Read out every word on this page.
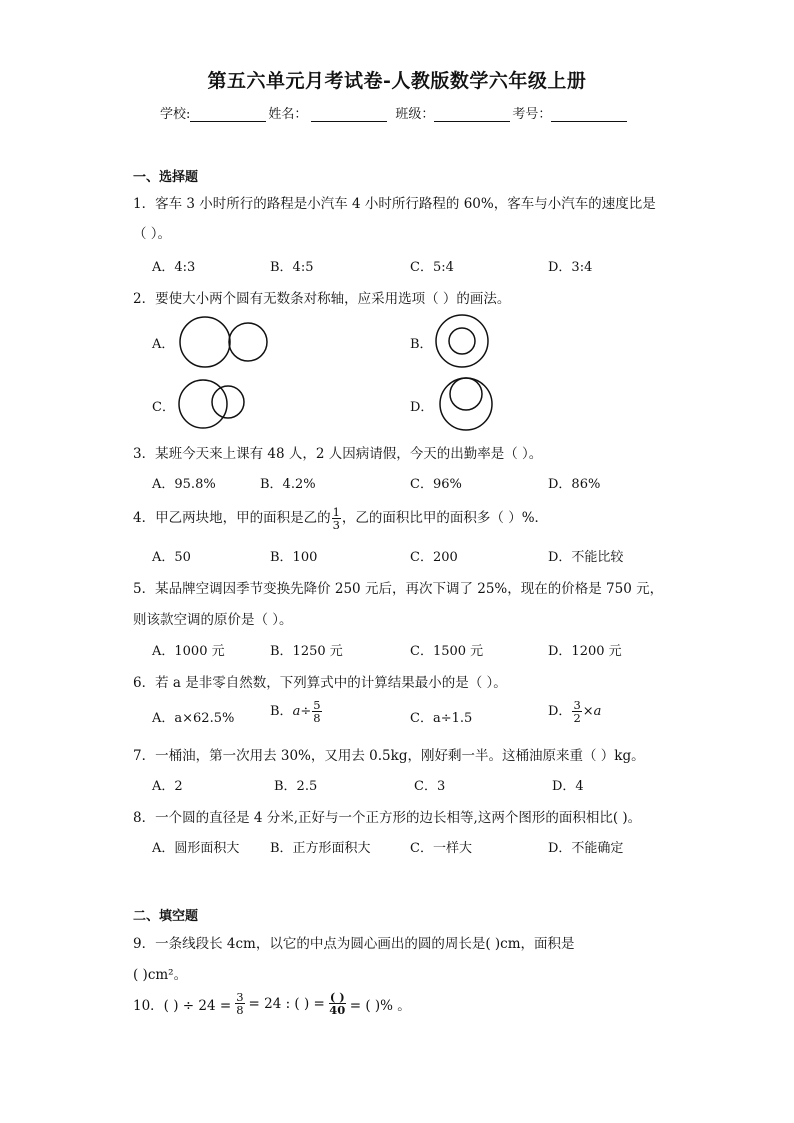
第五六单元月考试卷-人教版数学六年级上册
学校:	姓名：	班级：	考号：
一、选择题
1．客车 3 小时所行的路程是小汽车 4 小时所行路程的 60%，客车与小汽车的速度比是
（ ）。
A．4:3	B．4:5	C．5:4	D．3:4
2．要使大小两个圆有无数条对称轴，应采用选项（ ）的画法。
A．	B．
C．	D．
3．某班今天来上课有 48 人，2 人因病请假，今天的出勤率是（ ）。
A．95.8%	B．4.2%	C．96%	D．86%
4．甲乙两块地，甲的面积是乙的 $\frac{1}{3}$ ，乙的面积比甲的面积多（ ）%．
A．50	B．100	C．200	D．不能比较
5．某品牌空调因季节变换先降价 250 元后，再次下调了 25%，现在的价格是 750 元，
则该款空调的原价是（ ）。
A．1000 元	B．1250 元	C．1500 元	D．1200 元
6．若 a 是非零自然数，下列算式中的计算结果最小的是（ ）。
A．a×62.5%	B．$a\div \frac{5}{8}$	C．a÷1.5	D． $\frac{3}{2} \times a$
7．一桶油，第一次用去 30%，又用去 0.5kg，刚好剩一半。这桶油原来重（ ）kg。
A．2	B．2.5	C．3	D．4
8．一个圆的直径是 4 分米,正好与一个正方形的边长相等,这两个图形的面积相比( )。
A．圆形面积大 B．正方形面积大	C．一样大	D．不能确定
二、填空题
9．一条线段长 4cm，以它的中点为圆心画出的圆的周长是( )cm，面积是
( )cm²。
10．( ) ÷ $24 = \frac{3}{8} = 24$ : ( ) = $\frac{( )}{40}$ = ( )% 。
